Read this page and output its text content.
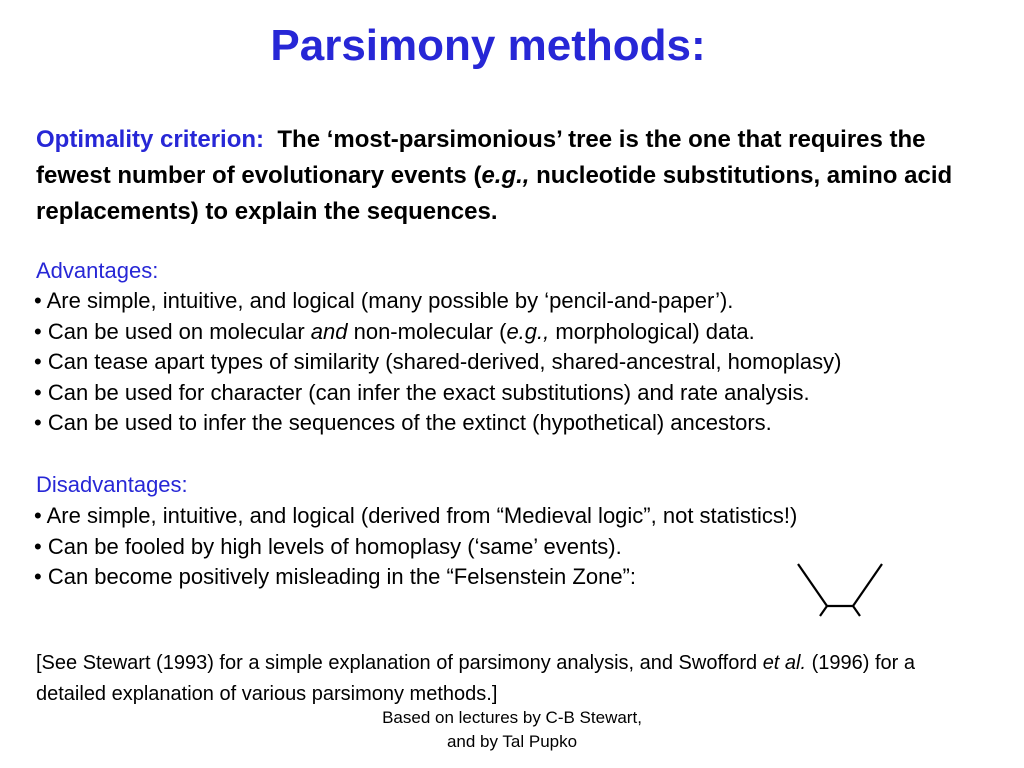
Parsimony methods:
Optimality criterion: The ‘most-parsimonious’ tree is the one that requires the fewest number of evolutionary events (e.g., nucleotide substitutions, amino acid replacements) to explain the sequences.
Advantages:
• Are simple, intuitive, and logical (many possible by ‘pencil-and-paper’).
• Can be used on molecular and non-molecular (e.g., morphological) data.
• Can tease apart types of similarity (shared-derived, shared-ancestral, homoplasy)
• Can be used for character (can infer the exact substitutions) and rate analysis.
• Can be used to infer the sequences of the extinct (hypothetical) ancestors.
Disadvantages:
• Are simple, intuitive, and logical (derived from “Medieval logic”, not statistics!)
• Can be fooled by high levels of homoplasy (‘same’ events).
• Can become positively misleading in the “Felsenstein Zone”:
[See Stewart (1993) for a simple explanation of parsimony analysis, and Swofford et al. (1996) for a detailed explanation of various parsimony methods.]
Based on lectures by C-B Stewart,
and by Tal Pupko
